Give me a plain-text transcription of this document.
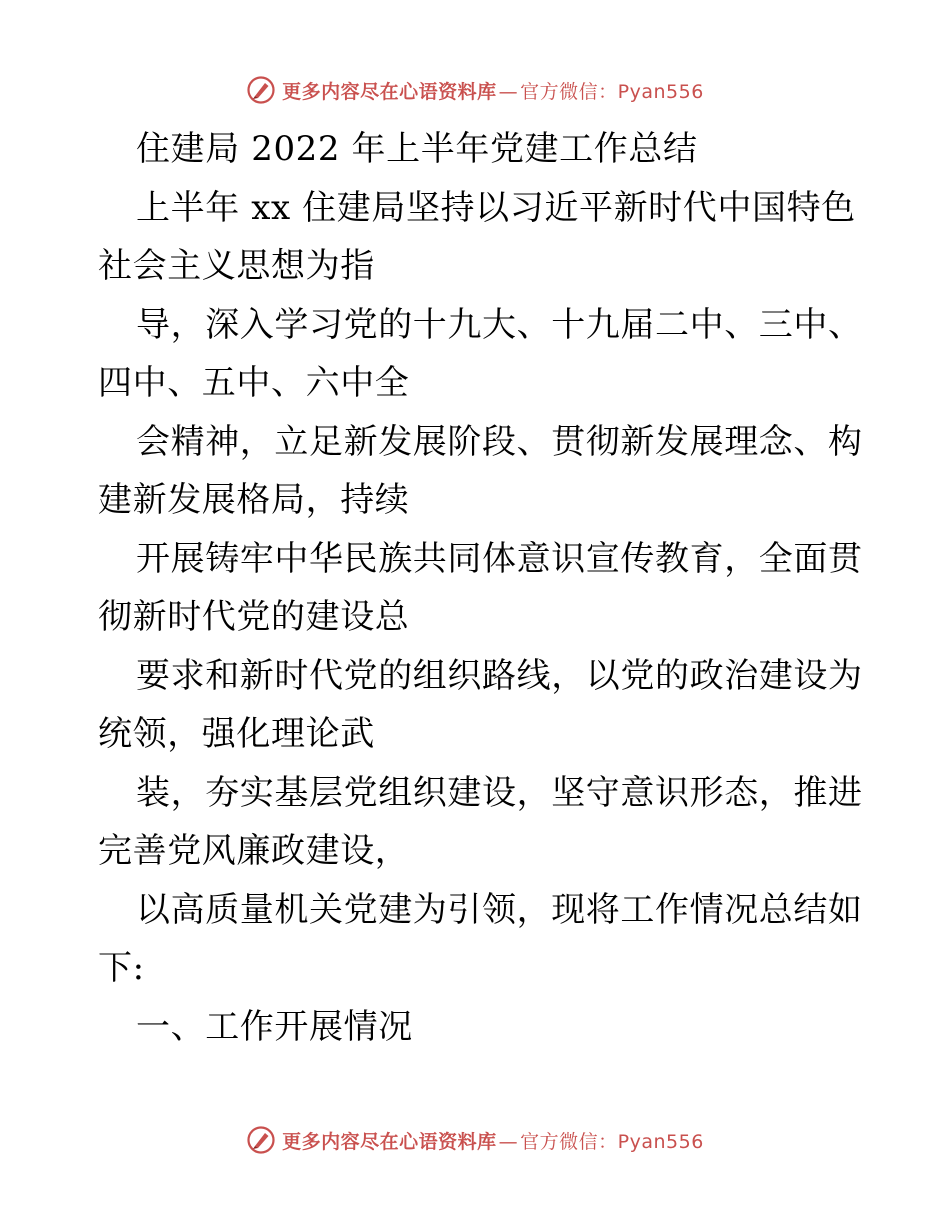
更多内容尽在心语资料库 — 官方微信：Pyan556
住建局 2022 年上半年党建工作总结
上半年 xx 住建局坚持以习近平新时代中国特色
社会主义思想为指
导，深入学习党的十九大、十九届二中、三中、
四中、五中、六中全
会精神，立足新发展阶段、贯彻新发展理念、构
建新发展格局，持续
开展铸牢中华民族共同体意识宣传教育，全面贯
彻新时代党的建设总
要求和新时代党的组织路线，以党的政治建设为
统领，强化理论武
装，夯实基层党组织建设，坚守意识形态，推进
完善党风廉政建设，
以高质量机关党建为引领，现将工作情况总结如
下:
一、工作开展情况
更多内容尽在心语资料库 — 官方微信：Pyan556
